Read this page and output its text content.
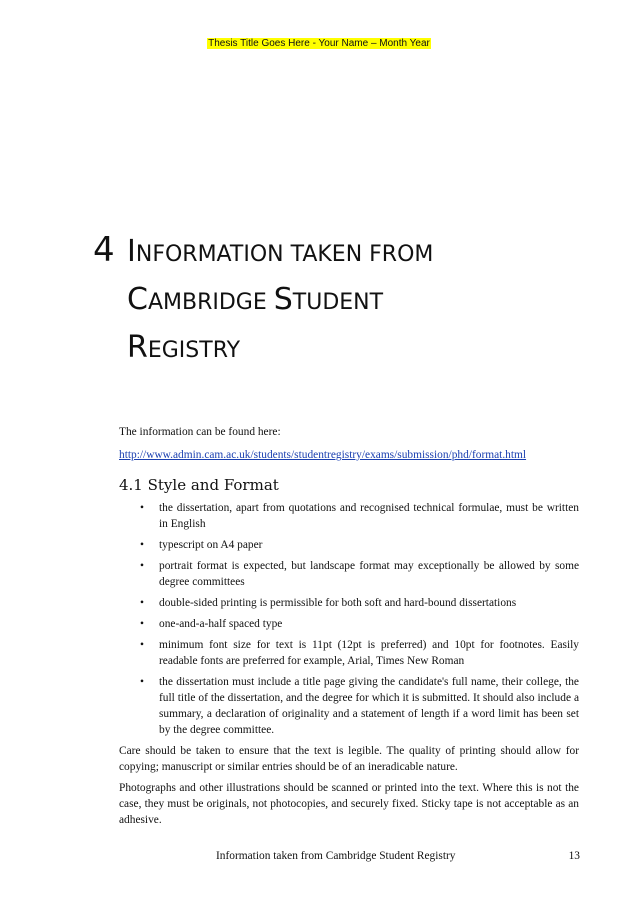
Thesis Title Goes Here - Your Name – Month Year
4 INFORMATION TAKEN FROM
CAMBRIDGE STUDENT
REGISTRY

The information can be found here:

http://www.admin.cam.ac.uk/students/studentregistry/exams/submission/phd/format.html
4.1 Style and Format
• the dissertation, apart from quotations and recognised technical formulae, must be written in English
• typescript on A4 paper
• portrait format is expected, but landscape format may exceptionally be allowed by some degree committees
• double-sided printing is permissible for both soft and hard-bound dissertations
• one-and-a-half spaced type
• minimum font size for text is 11pt (12pt is preferred) and 10pt for footnotes. Easily readable fonts are preferred for example, Arial, Times New Roman
• the dissertation must include a title page giving the candidate's full name, their college, the full title of the dissertation, and the degree for which it is submitted. It should also include a summary, a declaration of originality and a statement of length if a word limit has been set by the degree committee.

Care should be taken to ensure that the text is legible. The quality of printing should allow for copying; manuscript or similar entries should be of an ineradicable nature.

Photographs and other illustrations should be scanned or printed into the text. Where this is not the case, they must be originals, not photocopies, and securely fixed. Sticky tape is not acceptable as an adhesive.

Information taken from Cambridge Student Registry	13
